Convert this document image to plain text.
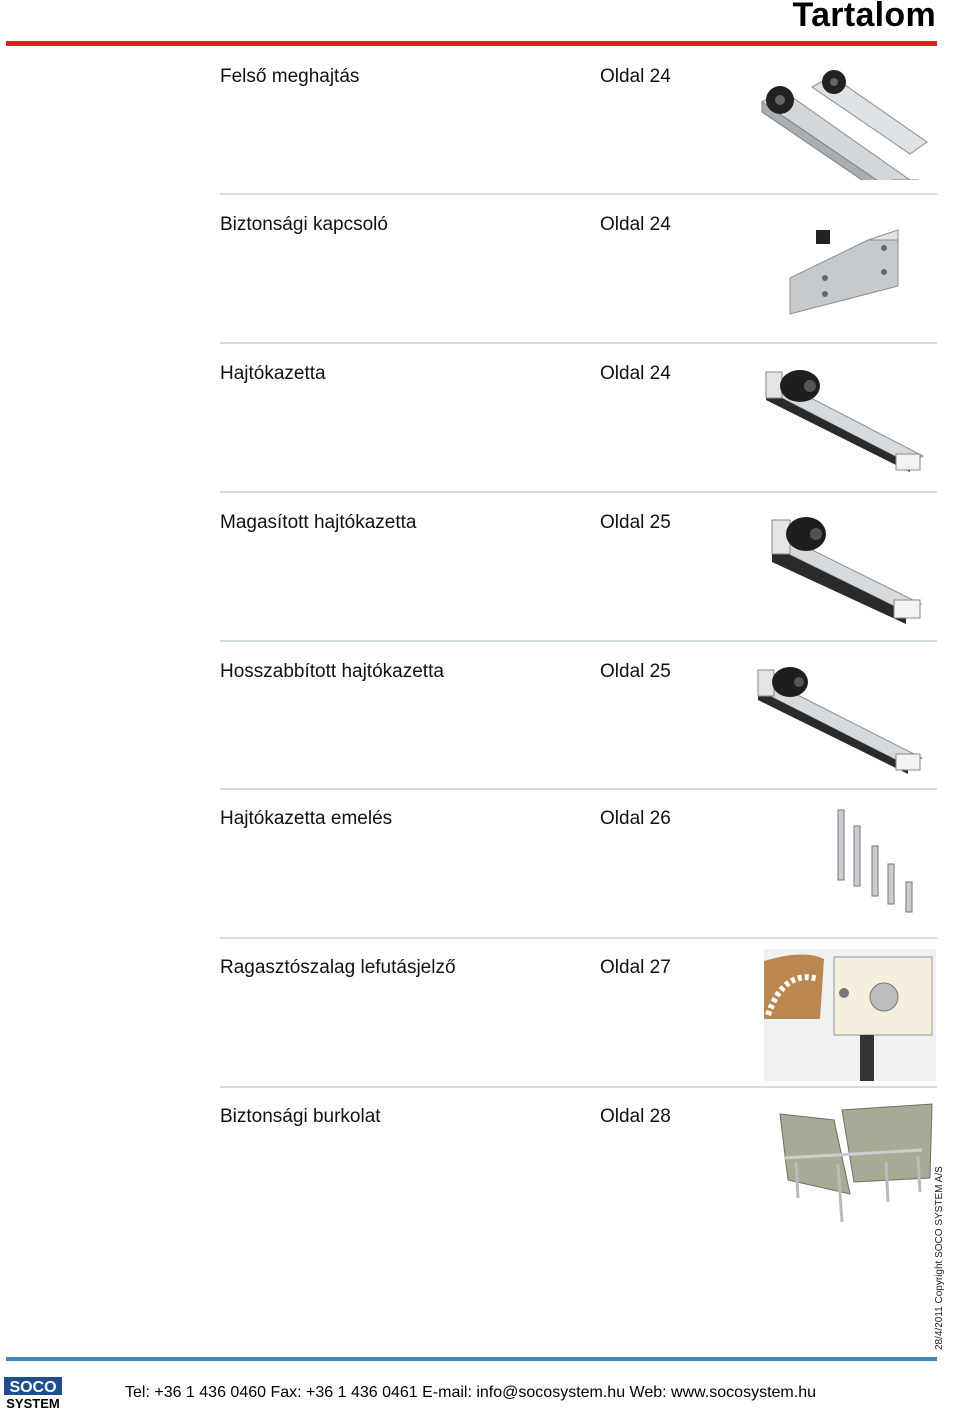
Tartalom
Felső meghajtás	Oldal 24
Biztonsági kapcsoló	Oldal 24
Hajtókazetta	Oldal 24
Magasított hajtókazetta	Oldal 25
Hosszabbított hajtókazetta	Oldal 25
Hajtókazetta emelés	Oldal 26
Ragasztószalag lefutásjelző	Oldal 27
Biztonsági burkolat	Oldal 28
28/4/2011 Copyright SOCO SYSTEM A/S
SOCO
SYSTEM
Tel: +36 1 436 0460 Fax: +36 1 436 0461 E-mail: info@socosystem.hu Web: www.socosystem.hu
